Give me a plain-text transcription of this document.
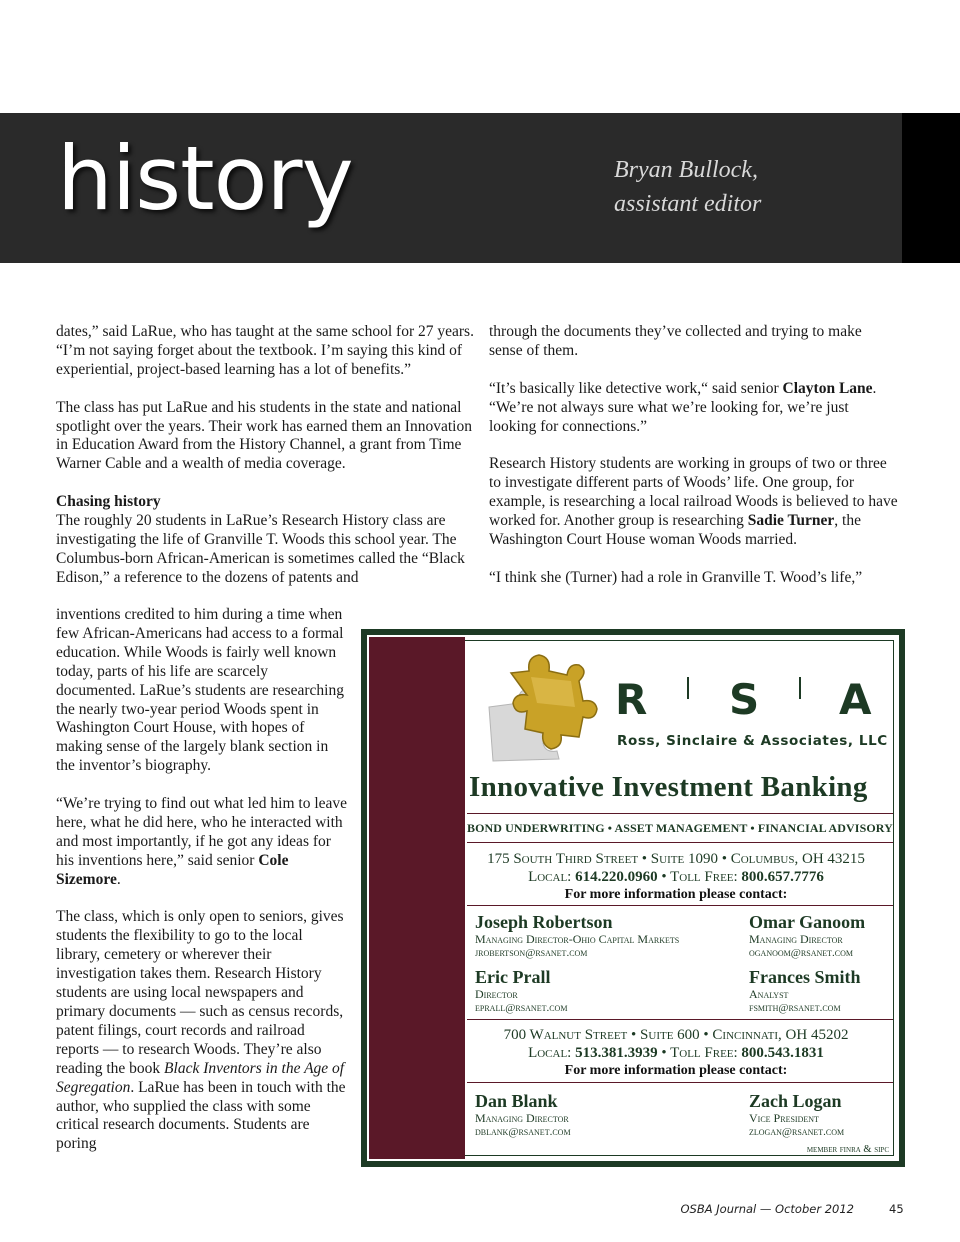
history	Bryan Bullock,
assistant editor

dates,” said LaRue, who has taught at the same school for 27 years. “I’m not saying forget about the textbook. I’m saying this kind of experiential, project-based learning has a lot of benefits.”

The class has put LaRue and his students in the state and national spotlight over the years. Their work has earned them an Innovation in Education Award from the History Channel, a grant from Time Warner Cable and a wealth of media coverage.

Chasing history
The roughly 20 students in LaRue’s Research History class are investigating the life of Granville T. Woods this school year. The Columbus-born African-American is sometimes called the “Black Edison,” a reference to the dozens of patents and

inventions credited to him during a time when few African-Americans had access to a formal education. While Woods is fairly well known today, parts of his life are scarcely documented. LaRue’s students are researching the nearly two-year period Woods spent in Washington Court House, with hopes of making sense of the largely blank section in the inventor’s biography.

“We’re trying to find out what led him to leave here, what he did here, who he interacted with and most importantly, if he got any ideas for his inventions here,” said senior Cole Sizemore.

The class, which is only open to seniors, gives students the flexibility to go to the local library, cemetery or wherever their investigation takes them. Research History students are using local newspapers and primary documents — such as census records, patent filings, court records and railroad reports — to research Woods. They’re also reading the book Black Inventors in the Age of Segregation. LaRue has been in touch with the author, who supplied the class with some critical research documents. Students are poring

through the documents they’ve collected and trying to make sense of them.

“It’s basically like detective work,“ said senior Clayton Lane. “We’re not always sure what we’re looking for, we’re just looking for connections.”

Research History students are working in groups of two or three to investigate different parts of Woods’ life. One group, for example, is researching a local railroad Woods is believed to have worked for. Another group is researching Sadie Turner, the Washington Court House woman Woods married.

“I think she (Turner) had a role in Granville T. Wood’s life,”

R S A
Ross, Sinclaire & Associates, LLC
Innovative Investment Banking
BOND UNDERWRITING • ASSET MANAGEMENT • FINANCIAL ADVISORY
175 South Third Street • Suite 1090 • Columbus, OH 43215
Local: 614.220.0960 • Toll Free: 800.657.7776
For more information please contact:
Joseph Robertson
Managing Director-Ohio Capital Markets
jrobertson@rsanet.com
Omar Ganoom
Managing Director
oganoom@rsanet.com
Eric Prall
Director
eprall@rsanet.com
Frances Smith
Analyst
fsmith@rsanet.com
700 Walnut Street • Suite 600 • Cincinnati, OH 45202
Local: 513.381.3939 • Toll Free: 800.543.1831
For more information please contact:
Dan Blank
Managing Director
dblank@rsanet.com
Zach Logan
Vice President
zlogan@rsanet.com
member finra & sipc
OSBA Journal — October 2012	45
